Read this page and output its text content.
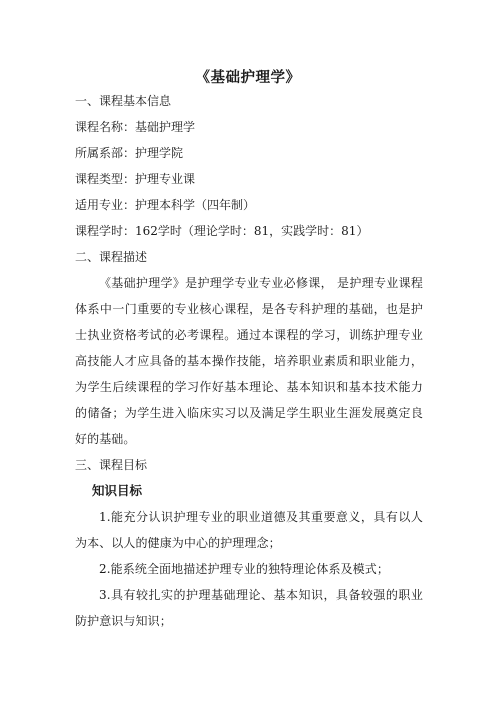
《基础护理学》
一、课程基本信息
课程名称：基础护理学
所属系部：护理学院
课程类型：护理专业课
适用专业：护理本科学（四年制）
课程学时：162学时（理论学时：81，实践学时：81）
二、课程描述
《基础护理学》是护理学专业专业必修课， 是护理专业课程体系中一门重要的专业核心课程，是各专科护理的基础，也是护士执业资格考试的必考课程。通过本课程的学习，训练护理专业高技能人才应具备的基本操作技能，培养职业素质和职业能力，为学生后续课程的学习作好基本理论、基本知识和基本技术能力的储备；为学生进入临床实习以及满足学生职业生涯发展奠定良好的基础。
三、课程目标
知识目标
1.能充分认识护理专业的职业道德及其重要意义，具有以人为本、以人的健康为中心的护理理念；
2.能系统全面地描述护理专业的独特理论体系及模式；
3.具有较扎实的护理基础理论、基本知识，具备较强的职业防护意识与知识；
